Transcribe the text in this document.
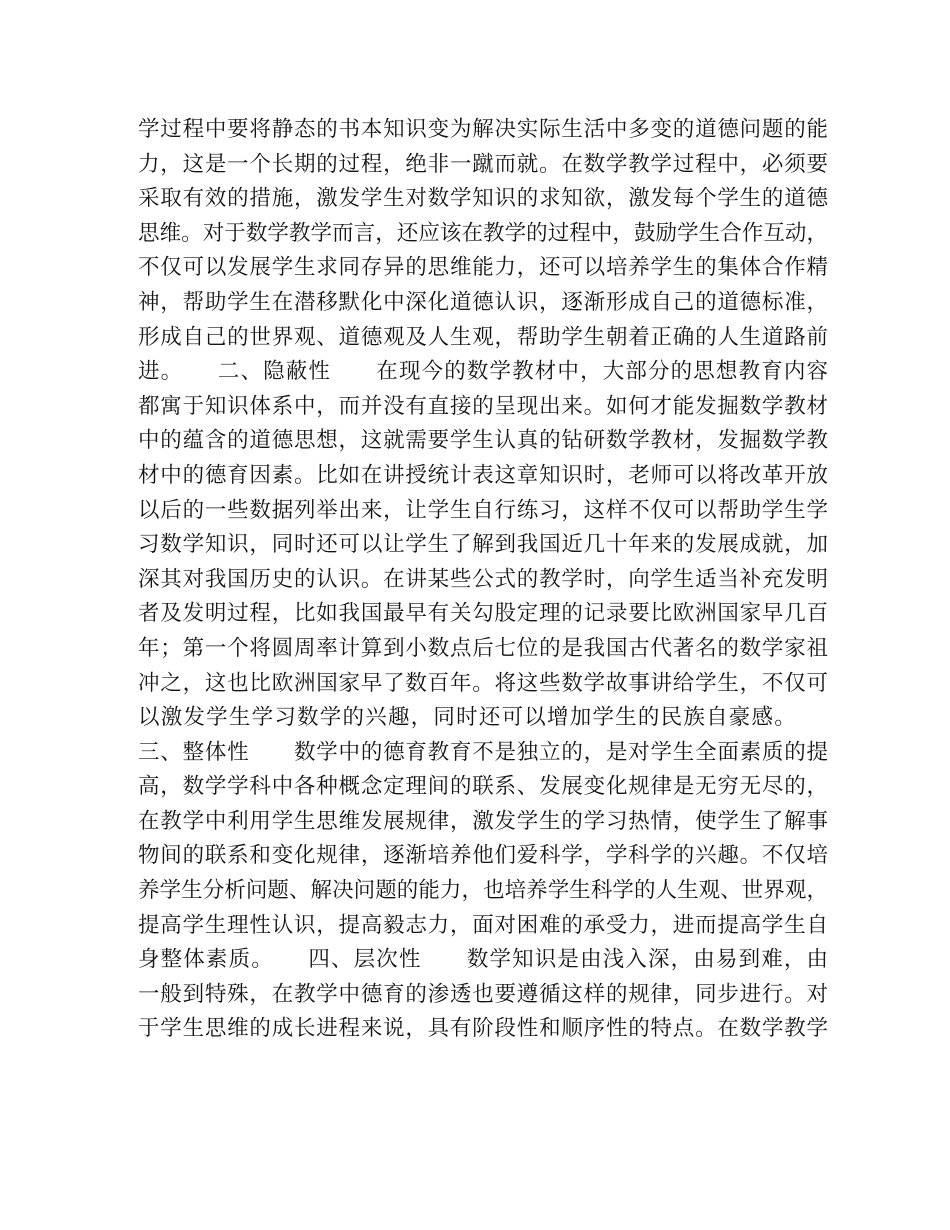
学过程中要将静态的书本知识变为解决实际生活中多变的道德问题的能
力，这是一个长期的过程，绝非一蹴而就。在数学教学过程中，必须要
采取有效的措施，激发学生对数学知识的求知欲，激发每个学生的道德
思维。对于数学教学而言，还应该在教学的过程中，鼓励学生合作互动，
不仅可以发展学生求同存异的思维能力，还可以培养学生的集体合作精
神，帮助学生在潜移默化中深化道德认识，逐渐形成自己的道德标准，
形成自己的世界观、道德观及人生观，帮助学生朝着正确的人生道路前
进。　　二、隐蔽性　　在现今的数学教材中，大部分的思想教育内容
都寓于知识体系中，而并没有直接的呈现出来。如何才能发掘数学教材
中的蕴含的道德思想，这就需要学生认真的钻研数学教材，发掘数学教
材中的德育因素。比如在讲授统计表这章知识时，老师可以将改革开放
以后的一些数据列举出来，让学生自行练习，这样不仅可以帮助学生学
习数学知识，同时还可以让学生了解到我国近几十年来的发展成就，加
深其对我国历史的认识。在讲某些公式的教学时，向学生适当补充发明
者及发明过程，比如我国最早有关勾股定理的记录要比欧洲国家早几百
年；第一个将圆周率计算到小数点后七位的是我国古代著名的数学家祖
冲之，这也比欧洲国家早了数百年。将这些数学故事讲给学生，不仅可
以激发学生学习数学的兴趣，同时还可以增加学生的民族自豪感。　　
三、整体性　　数学中的德育教育不是独立的，是对学生全面素质的提
高，数学学科中各种概念定理间的联系、发展变化规律是无穷无尽的，
在教学中利用学生思维发展规律，激发学生的学习热情，使学生了解事
物间的联系和变化规律，逐渐培养他们爱科学，学科学的兴趣。不仅培
养学生分析问题、解决问题的能力，也培养学生科学的人生观、世界观，
提高学生理性认识，提高毅志力，面对困难的承受力，进而提高学生自
身整体素质。　　四、层次性　　数学知识是由浅入深，由易到难，由
一般到特殊，在教学中德育的渗透也要遵循这样的规律，同步进行。对
于学生思维的成长进程来说，具有阶段性和顺序性的特点。在数学教学
